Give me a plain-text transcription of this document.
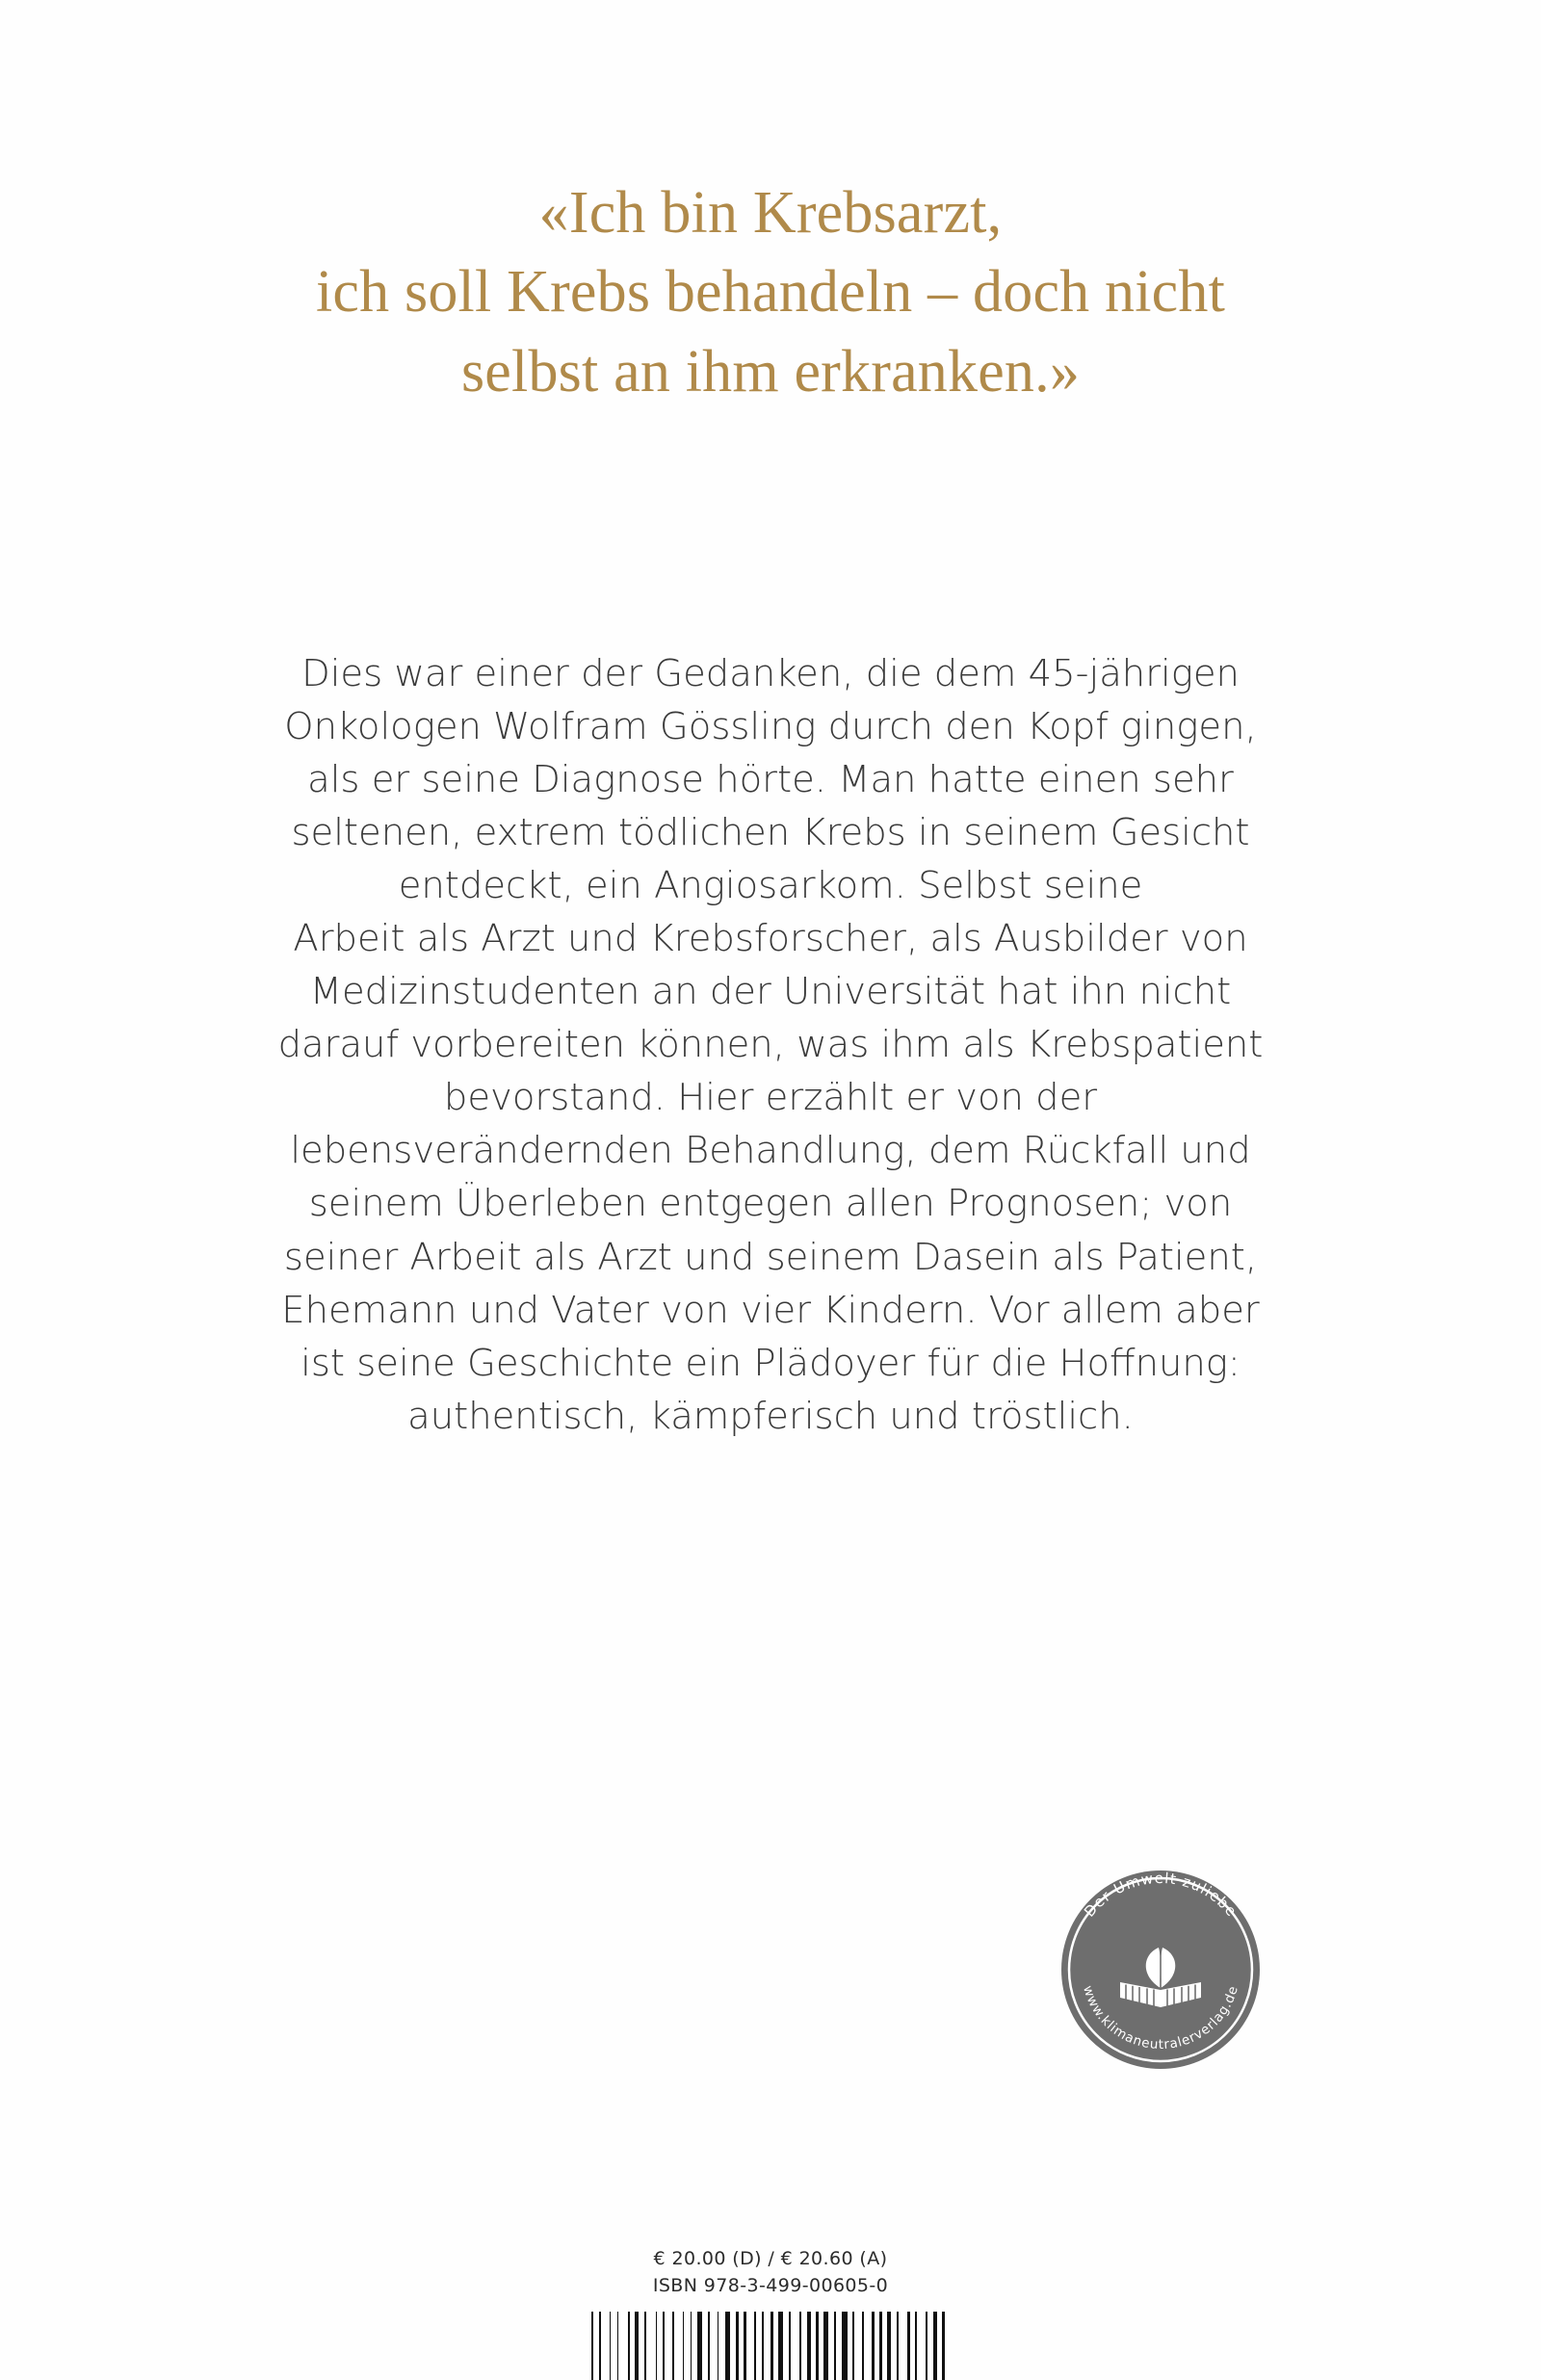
«Ich bin Krebsarzt,
ich soll Krebs behandeln – doch nicht
selbst an ihm erkranken.»
Dies war einer der Gedanken, die dem 45-jährigen
Onkologen Wolfram Gössling durch den Kopf gingen,
als er seine Diagnose hörte. Man hatte einen sehr
seltenen, extrem tödlichen Krebs in seinem Gesicht
entdeckt, ein Angiosarkom. Selbst seine
Arbeit als Arzt und Krebsforscher, als Ausbilder von
Medizinstudenten an der Universität hat ihn nicht
darauf vorbereiten können, was ihm als Krebspatient
bevorstand. Hier erzählt er von der
lebensverändernden Behandlung, dem Rückfall und
seinem Überleben entgegen allen Prognosen; von
seiner Arbeit als Arzt und seinem Dasein als Patient,
Ehemann und Vater von vier Kindern. Vor allem aber
ist seine Geschichte ein Plädoyer für die Hoffnung:
authentisch, kämpferisch und tröstlich.
Der Umwelt zuliebe
www.klimaneutralerverlag.de
€ 20.00 (D) / € 20.60 (A)
ISBN 978-3-499-00605-0
